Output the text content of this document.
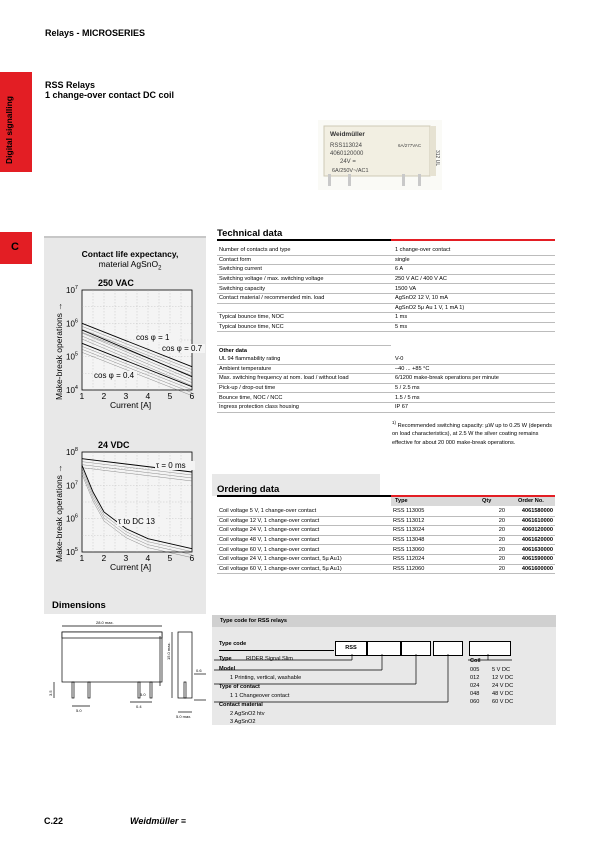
Relays - MICROSERIES
Digital signalling
C
RSS Relays
1 change-over contact DC coil
Weidmüller
RSS113024
4060120000
24V =
6A/250V~/AC1
6A/277VAC
312 UL
Contact life expectancy,
material AgSnO$_2$
250 VAC
$10^4$
$10^5$
$10^6$
$10^7$
1 2 3 4 5 6
Current [A]
Make-break operations →	cos φ = 1
cos φ = 0.7
cos φ = 0.4
24 VDC
$10^5$
$10^6$
$10^7$
$10^8$
1 2 3 4 5 6
Current [A]
Make-break operations →	τ = 0 ms
τ to DC 13
Technical data
Number of contacts and type	1 change-over contact
Contact form	single
Switching current	6 A
Switching voltage / max. switching voltage	250 V AC / 400 V AC
Switching capacity	1500 VA
Contact material / recommended min. load	AgSnO2 12 V, 10 mA
	AgSnO2 5μ Au 1 V, 1 mA 1)
Typical bounce time, NOC	1 ms
Typical bounce time, NCC	5 ms
Other data
UL 94 flammability rating	V-0
Ambient temperature	–40 ... +85 °C
Max. switching frequency at nom. load / without load	6/1200 make-break operations per minute
Pick-up / drop-out time	5 / 2.5 ms
Bounce time, NOC / NCC	1.5 / 5 ms
Ingress protection class housing	IP 67
$^{1)}$ Recommended switching capacity: µW up to 0.25 W (depends on load characteristics), at 2.5 W the silver coating remains effective for about 20 000 make-break operations.
Ordering data
Type	Qty	Order No.
Coil voltage 5 V, 1 change-over contact	RSS 113005	20	4061580000
Coil voltage 12 V, 1 change-over contact	RSS 113012	20	4061610000
Coil voltage 24 V, 1 change-over contact	RSS 113024	20	4060120000
Coil voltage 48 V, 1 change-over contact	RSS 113048	20	4061620000
Coil voltage 60 V, 1 change-over contact	RSS 113060	20	4061630000
Coil voltage 24 V, 1 change-over contact, 5µ Au1)	RSS 112024	20	4061590000
Coil voltage 60 V, 1 change-over contact, 5µ Au1)	RSS 112060	20	4061600000
Dimensions
28.0 max.
15.0 max.
5.0 max.
3.5
5.0
0.4
0.6
5.0
Type code for RSS relays
Type code
RSS
Type	RIDER Signal Slim
Model
1 Printing, vertical, washable
Type of contact
1 1 Changeover contact
Contact material
2 AgSnO2 htv
3 AgSnO2
Coil
005 5 V DC
012 12 V DC
024 24 V DC
048 48 V DC
060 60 V DC
C.22	Weidmüller ≡
